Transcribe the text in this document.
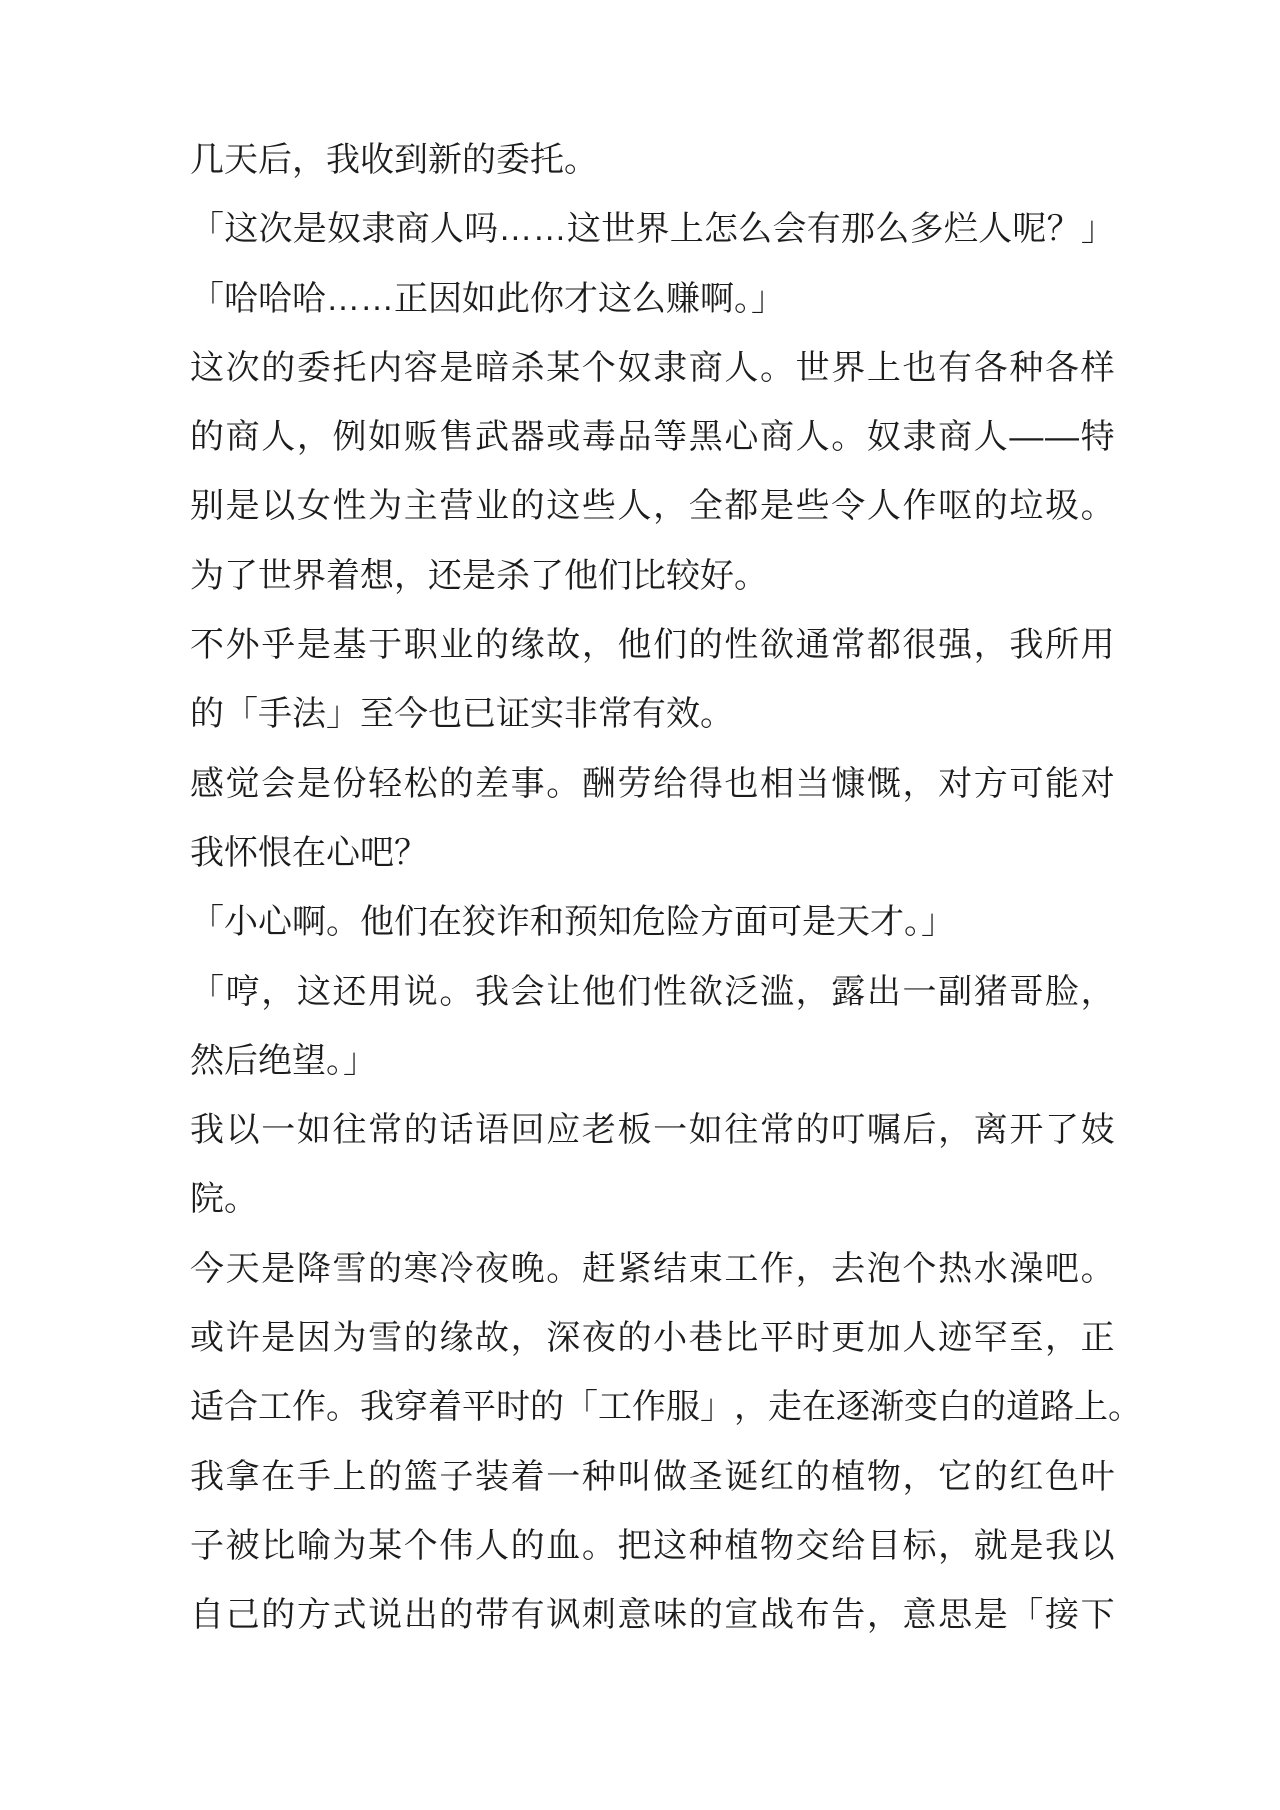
几天后，我收到新的委托。
「 这 次 是 奴 隶 商 人 吗 … … 这 世 界 上 怎 么 会 有 那 么 多 烂 人 呢 ？ 」
「哈哈哈……正因如此你才这么赚啊。」
这 次 的 委 托 内 容 是 暗 杀 某 个 奴 隶 商 人 。 世 界 上 也 有 各 种 各 样
的 商 人 ， 例 如 贩 售 武 器 或 毒 品 等 黑 心 商 人 。 奴 隶 商 人 — — 特
别 是 以 女 性 为 主 营 业 的 这 些 人 ， 全 都 是 些 令 人 作 呕 的 垃 圾 。
为了世界着想，还是杀了他们比较好。
不 外 乎 是 基 于 职 业 的 缘 故 ， 他 们 的 性 欲 通 常 都 很 强 ， 我 所 用
的「手法」至今也已证实非常有效。
感 觉 会 是 份 轻 松 的 差 事 。 酬 劳 给 得 也 相 当 慷 慨 ， 对 方 可 能 对
我怀恨在心吧？
「小心啊。他们在狡诈和预知危险方面可是天才。」
「 哼 ， 这 还 用 说 。 我 会 让 他 们 性 欲 泛 滥 ， 露 出 一 副 猪 哥 脸 ，
然后绝望。」
我 以 一 如 往 常 的 话 语 回 应 老 板 一 如 往 常 的 叮 嘱 后 ， 离 开 了 妓
院。
今 天 是 降 雪 的 寒 冷 夜 晚 。 赶 紧 结 束 工 作 ， 去 泡 个 热 水 澡 吧 。
或 许 是 因 为 雪 的 缘 故 ， 深 夜 的 小 巷 比 平 时 更 加 人 迹 罕 至 ， 正
适 合 工 作 。 我 穿 着 平 时 的 「 工 作 服 」 ， 走 在 逐 渐 变 白 的 道 路 上 。
我 拿 在 手 上 的 篮 子 装 着 一 种 叫 做 圣 诞 红 的 植 物 ， 它 的 红 色 叶
子 被 比 喻 为 某 个 伟 人 的 血 。 把 这 种 植 物 交 给 目 标 ， 就 是 我 以
自 己 的 方 式 说 出 的 带 有 讽 刺 意 味 的 宣 战 布 告 ， 意 思 是 「 接 下
